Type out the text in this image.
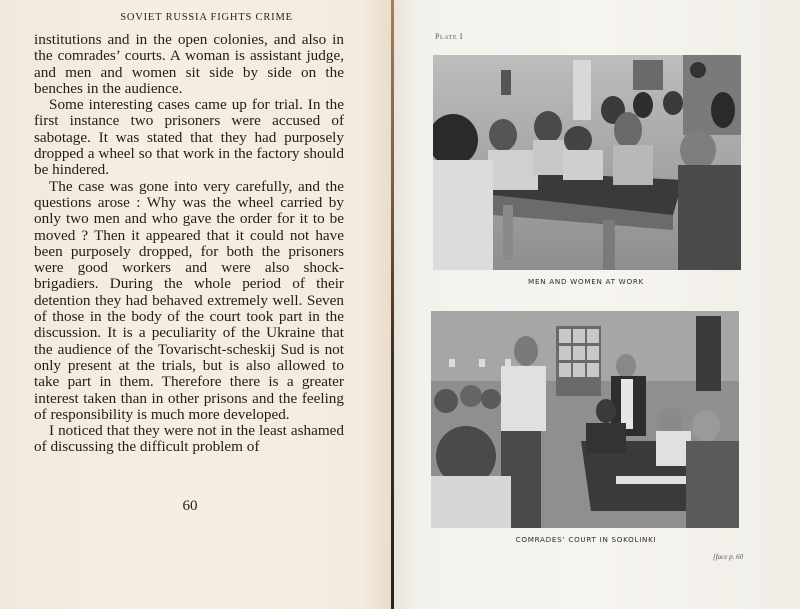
SOVIET RUSSIA FIGHTS CRIME

institutions and in the open colonies, and also in the comrades’ courts. A woman is assistant judge, and men and women sit side by side on the benches in the audience.

Some interesting cases came up for trial. In the first instance two prisoners were accused of sabotage. It was stated that they had purposely dropped a wheel so that work in the factory should be hindered.

The case was gone into very carefully, and the questions arose : Why was the wheel carried by only two men and who gave the order for it to be moved ? Then it appeared that it could not have been purposely dropped, for both the prisoners were good workers and were also shock-brigadiers. During the whole period of their detention they had behaved extremely well. Seven of those in the body of the court took part in the discussion. It is a peculiarity of the Ukraine that the audience of the Tovarischt-scheskij Sud is not only present at the trials, but is also allowed to take part in them. Therefore there is a greater interest taken than in other prisons and the feeling of responsibility is much more developed.

I noticed that they were not in the least ashamed of discussing the difficult problem of

60
Plate I
MEN AND WOMEN AT WORK
COMRADES’ COURT IN SOKOLINKI
[face p. 60
